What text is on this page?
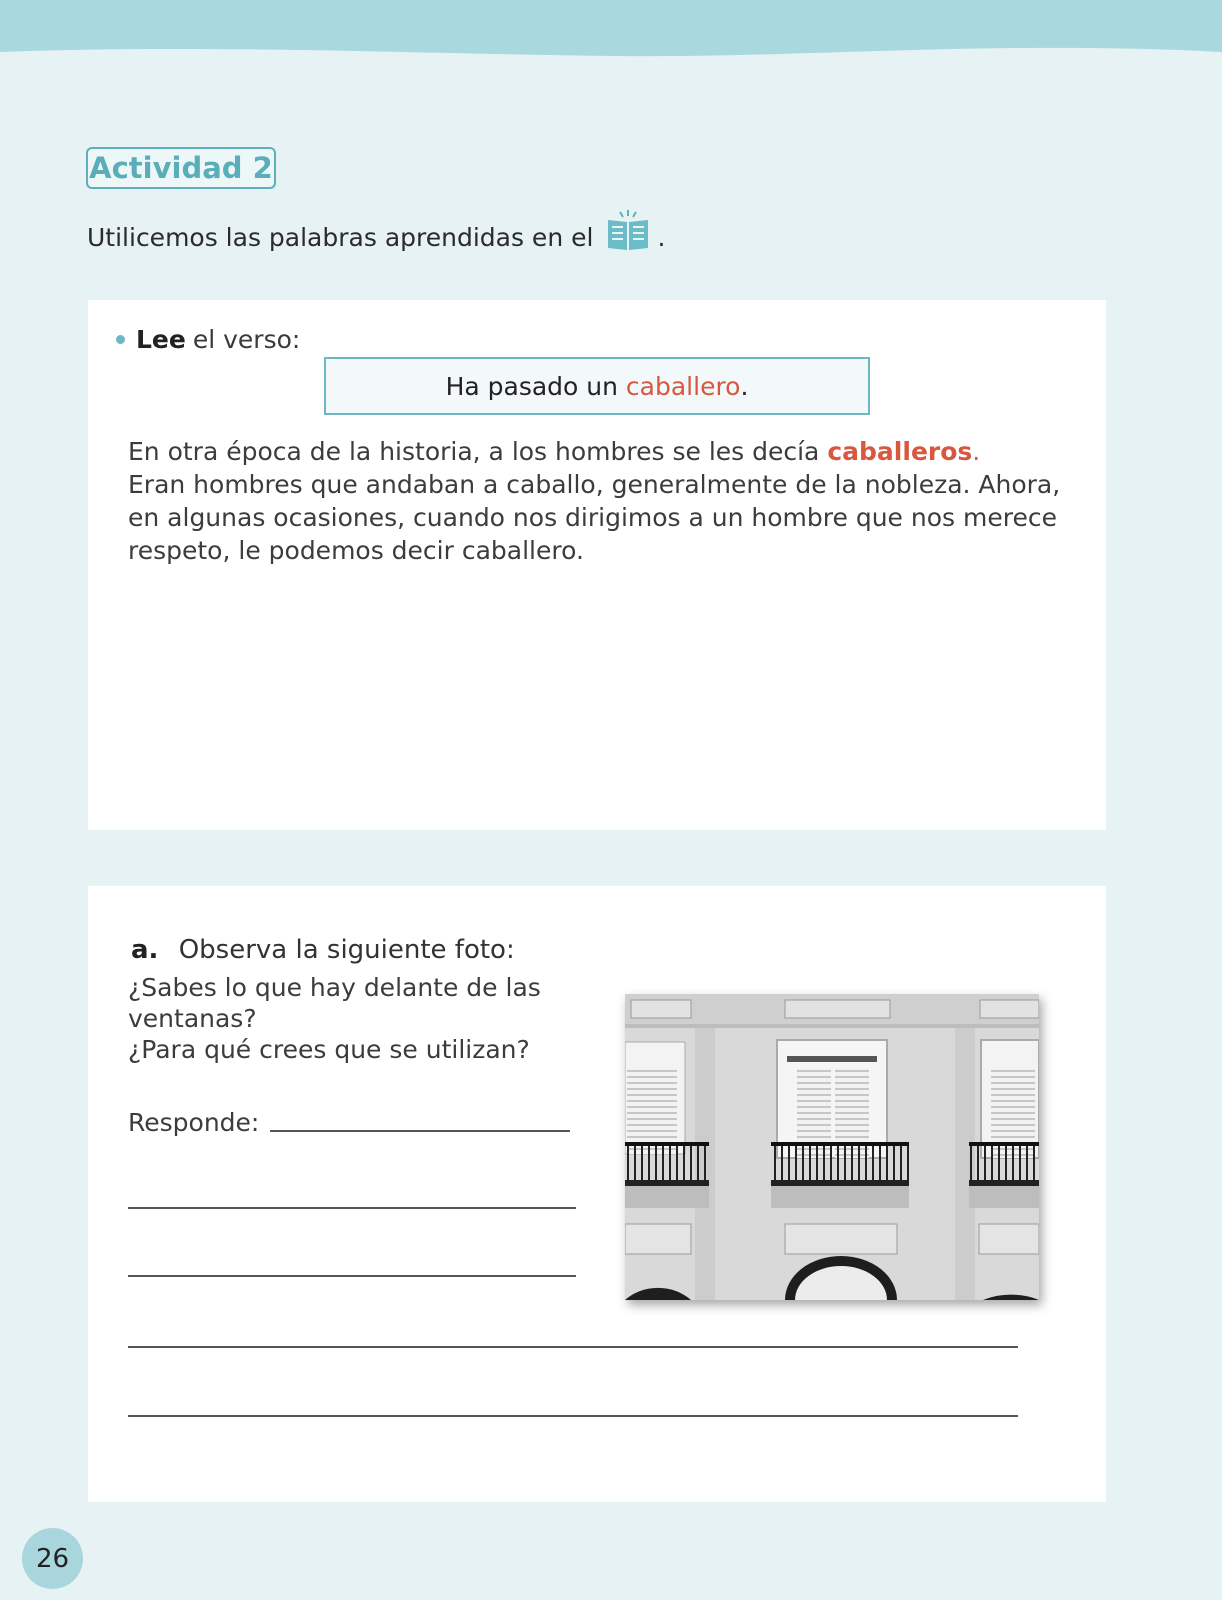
Actividad 2
Utilicemos las palabras aprendidas en el	.
Lee el verso:
Ha pasado un caballero .
En otra época de la historia, a los hombres se les decía caballeros.
Eran hombres que andaban a caballo, generalmente de la nobleza. Ahora,
en algunas ocasiones, cuando nos dirigimos a un hombre que nos merece
respeto, le podemos decir caballero.
a. Observa la siguiente foto:
¿Sabes lo que hay delante de las
ventanas?
¿Para qué crees que se utilizan?
Responde:
26
